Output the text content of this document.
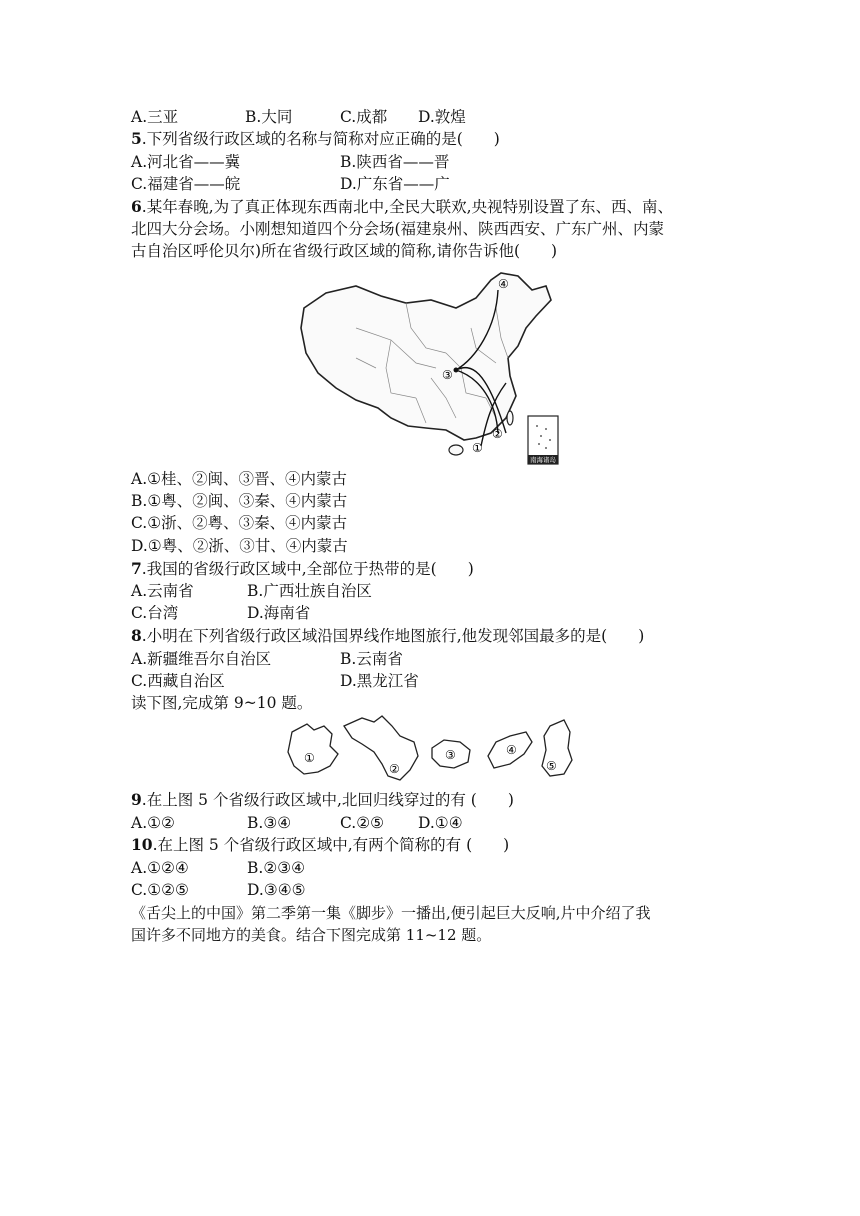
A.三亚	B.大同	C.成都 D.敦煌
5.下列省级行政区域的名称与简称对应正确的是(　　)
A.河北省——冀	B.陕西省——晋
C.福建省——皖	D.广东省——广
6.某年春晚,为了真正体现东西南北中,全民大联欢,央视特别设置了东、西、南、
北四大分会场。小刚想知道四个分会场(福建泉州、陕西西安、广东广州、内蒙
古自治区呼伦贝尔)所在省级行政区域的简称,请你告诉他(　　)
①
②
③
④
南海诸岛
A.①桂、②闽、③晋、④内蒙古
B.①粤、②闽、③秦、④内蒙古
C.①浙、②粤、③秦、④内蒙古
D.①粤、②浙、③甘、④内蒙古
7.我国的省级行政区域中,全部位于热带的是(　　)
A.云南省	B.广西壮族自治区
C.台湾	D.海南省
8.小明在下列省级行政区域沿国界线作地图旅行,他发现邻国最多的是(　　)
A.新疆维吾尔自治区	B.云南省
C.西藏自治区	D.黑龙江省
读下图,完成第 9~10 题。
①
②
③	④
⑤
9.在上图 5 个省级行政区域中,北回归线穿过的有 (　　)
A.①②	B.③④	C.②⑤ D.①④
10.在上图 5 个省级行政区域中,有两个简称的有 (　　)
A.①②④	B.②③④
C.①②⑤	D.③④⑤
《舌尖上的中国》第二季第一集《脚步》一播出,便引起巨大反响,片中介绍了我
国许多不同地方的美食。结合下图完成第 11~12 题。
